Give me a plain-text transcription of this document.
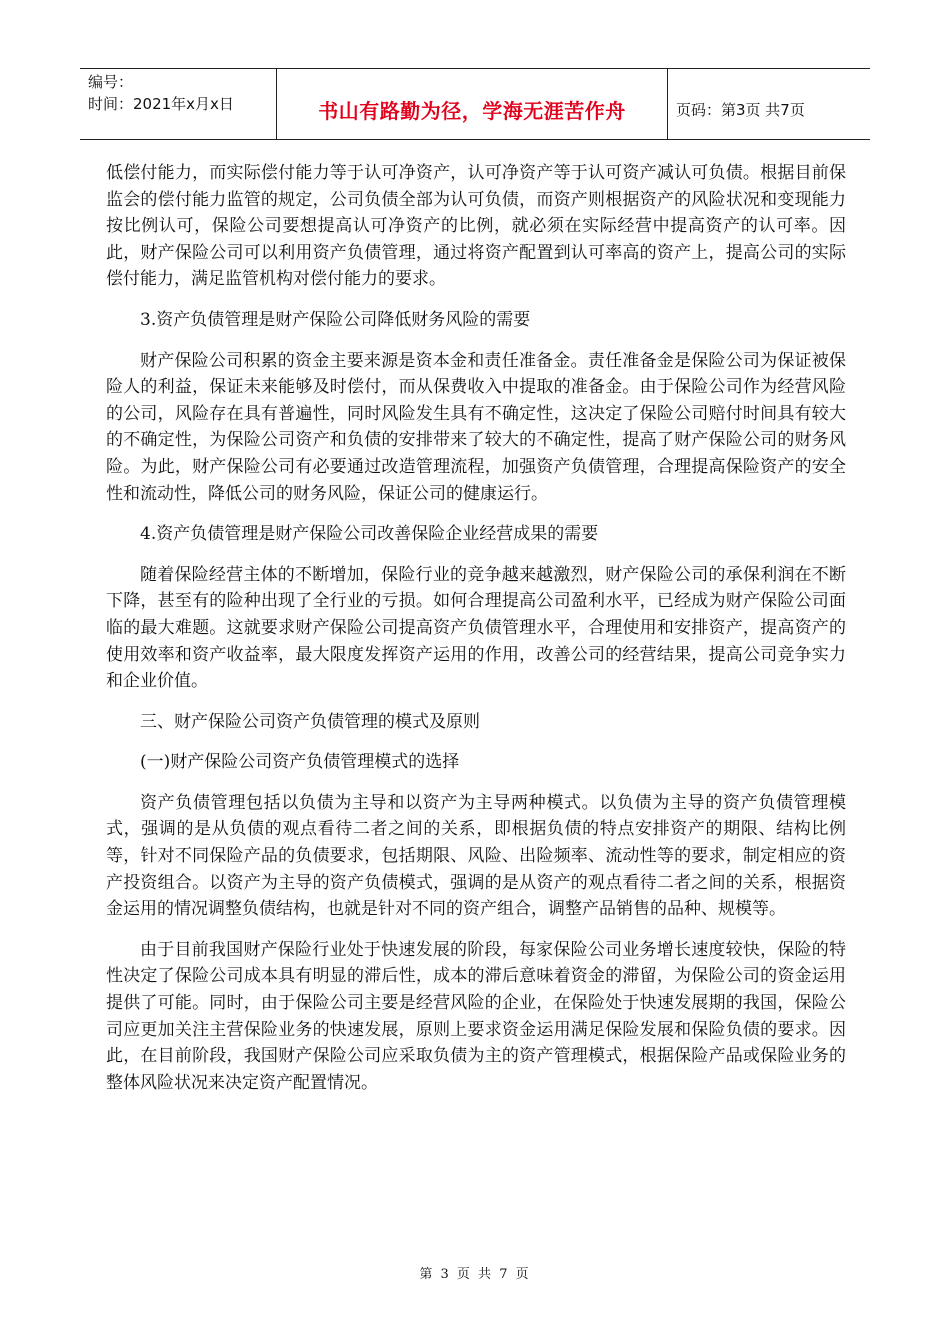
编号：
时间：2021年x月x日	书山有路勤为径，学海无涯苦作舟	页码：第3页 共7页

低偿付能力，而实际偿付能力等于认可净资产，认可净资产等于认可资产减认可负债。根据目前保监会的偿付能力监管的规定，公司负债全部为认可负债，而资产则根据资产的风险状况和变现能力按比例认可，保险公司要想提高认可净资产的比例，就必须在实际经营中提高资产的认可率。因此，财产保险公司可以利用资产负债管理，通过将资产配置到认可率高的资产上，提高公司的实际偿付能力，满足监管机构对偿付能力的要求。

3.资产负债管理是财产保险公司降低财务风险的需要

财产保险公司积累的资金主要来源是资本金和责任准备金。责任准备金是保险公司为保证被保险人的利益，保证未来能够及时偿付，而从保费收入中提取的准备金。由于保险公司作为经营风险的公司，风险存在具有普遍性，同时风险发生具有不确定性，这决定了保险公司赔付时间具有较大的不确定性，为保险公司资产和负债的安排带来了较大的不确定性，提高了财产保险公司的财务风险。为此，财产保险公司有必要通过改造管理流程，加强资产负债管理，合理提高保险资产的安全性和流动性，降低公司的财务风险，保证公司的健康运行。

4.资产负债管理是财产保险公司改善保险企业经营成果的需要

随着保险经营主体的不断增加，保险行业的竞争越来越激烈，财产保险公司的承保利润在不断下降，甚至有的险种出现了全行业的亏损。如何合理提高公司盈利水平，已经成为财产保险公司面临的最大难题。这就要求财产保险公司提高资产负债管理水平，合理使用和安排资产，提高资产的使用效率和资产收益率，最大限度发挥资产运用的作用，改善公司的经营结果，提高公司竞争实力和企业价值。

三、财产保险公司资产负债管理的模式及原则

(一)财产保险公司资产负债管理模式的选择

资产负债管理包括以负债为主导和以资产为主导两种模式。以负债为主导的资产负债管理模式，强调的是从负债的观点看待二者之间的关系，即根据负债的特点安排资产的期限、结构比例等，针对不同保险产品的负债要求，包括期限、风险、出险频率、流动性等的要求，制定相应的资产投资组合。以资产为主导的资产负债模式，强调的是从资产的观点看待二者之间的关系，根据资金运用的情况调整负债结构，也就是针对不同的资产组合，调整产品销售的品种、规模等。

由于目前我国财产保险行业处于快速发展的阶段，每家保险公司业务增长速度较快，保险的特性决定了保险公司成本具有明显的滞后性，成本的滞后意味着资金的滞留，为保险公司的资金运用提供了可能。同时，由于保险公司主要是经营风险的企业，在保险处于快速发展期的我国，保险公司应更加关注主营保险业务的快速发展，原则上要求资金运用满足保险发展和保险负债的要求。因此，在目前阶段，我国财产保险公司应采取负债为主的资产管理模式，根据保险产品或保险业务的整体风险状况来决定资产配置情况。

第 3 页 共 7 页
